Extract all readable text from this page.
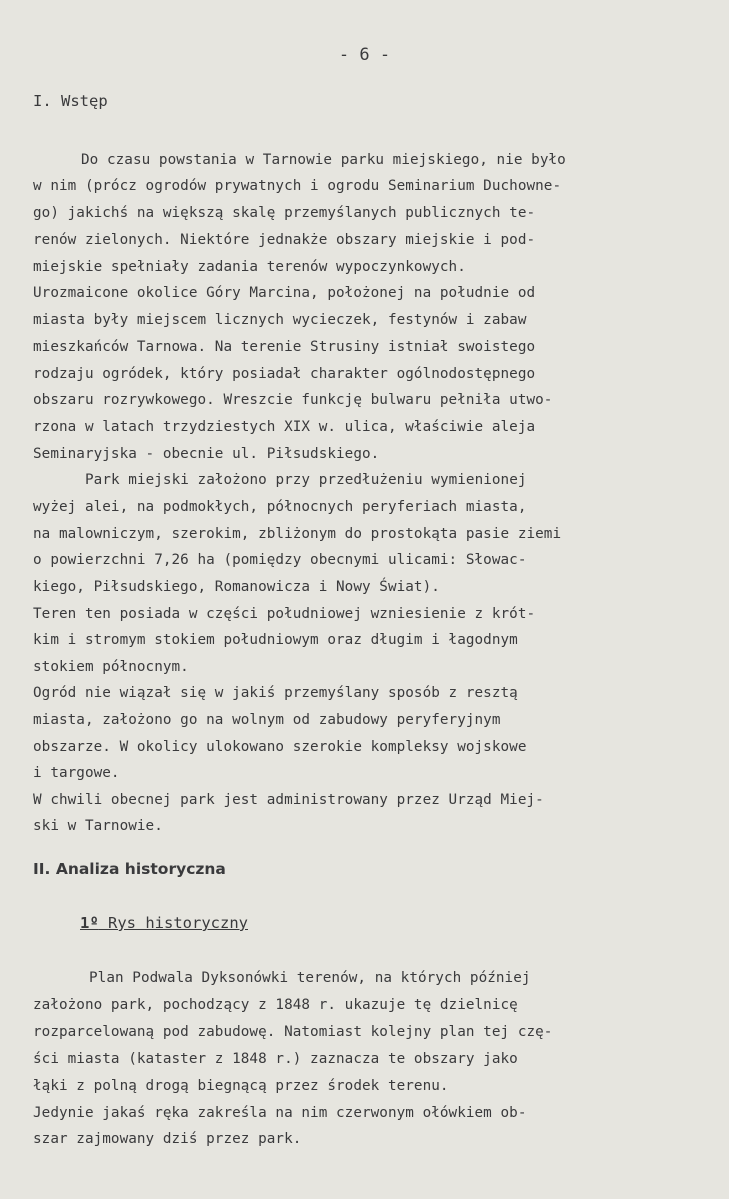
- 6 -
I. Wstęp
Do czasu powstania w Tarnowie parku miejskiego, nie było
w nim (prócz ogrodów prywatnych i ogrodu Seminarium Duchowne-
go) jakichś na większą skalę przemyślanych publicznych te-
renów zielonych. Niektóre jednakże obszary miejskie i pod-
miejskie spełniały zadania terenów wypoczynkowych.
Urozmaicone okolice Góry Marcina, położonej na południe od
miasta były miejscem licznych wycieczek, festynów i zabaw
mieszkańców Tarnowa. Na terenie Strusiny istniał swoistego
rodzaju ogródek, który posiadał charakter ogólnodostępnego
obszaru rozrywkowego. Wreszcie funkcję bulwaru pełniła utwo-
rzona w latach trzydziestych XIX w. ulica, właściwie aleja
Seminaryjska - obecnie ul. Piłsudskiego.
Park miejski założono przy przedłużeniu wymienionej
wyżej alei, na podmokłych, północnych peryferiach miasta,
na malowniczym, szerokim, zbliżonym do prostokąta pasie ziemi
o powierzchni 7,26 ha (pomiędzy obecnymi ulicami: Słowac-
kiego, Piłsudskiego, Romanowicza i Nowy Świat).
Teren ten posiada w części południowej wzniesienie z krót-
kim i stromym stokiem południowym oraz długim i łagodnym
stokiem północnym.
Ogród nie wiązał się w jakiś przemyślany sposób z resztą
miasta, założono go na wolnym od zabudowy peryferyjnym
obszarze. W okolicy ulokowano szerokie kompleksy wojskowe
i targowe.
W chwili obecnej park jest administrowany przez Urząd Miej-
ski w Tarnowie.
II. Analiza historyczna
1º Rys historyczny
Plan Podwala Dyksonówki terenów, na których później
założono park, pochodzący z 1848 r. ukazuje tę dzielnicę
rozparcelowaną pod zabudowę. Natomiast kolejny plan tej czę-
ści miasta (kataster z 1848 r.) zaznacza te obszary jako
łąki z polną drogą biegnącą przez środek terenu.
Jedynie jakaś ręka zakreśla na nim czerwonym ołówkiem ob-
szar zajmowany dziś przez park.
